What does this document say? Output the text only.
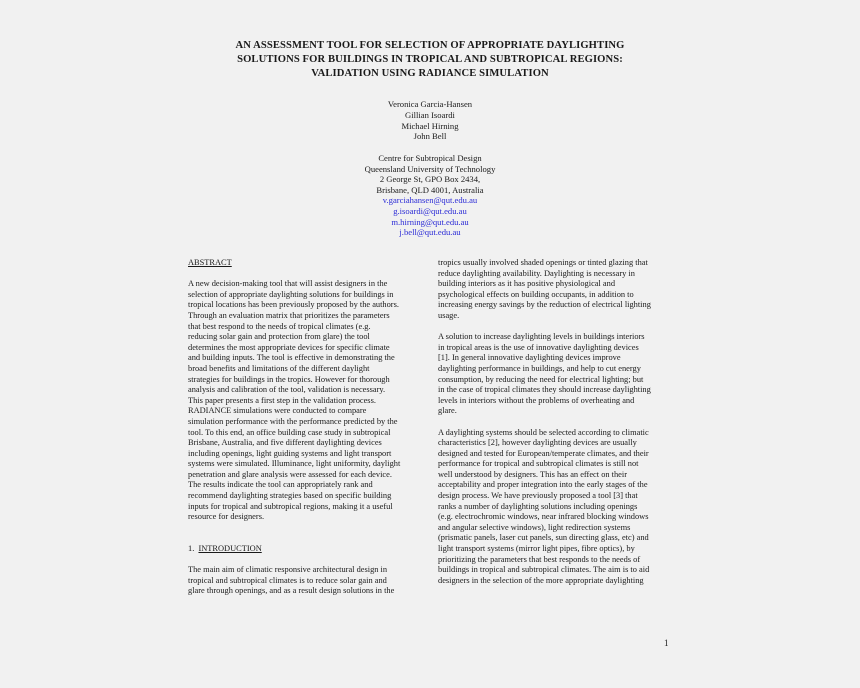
AN ASSESSMENT TOOL FOR SELECTION OF APPROPRIATE DAYLIGHTING
SOLUTIONS FOR BUILDINGS IN TROPICAL AND SUBTROPICAL REGIONS:
VALIDATION USING RADIANCE SIMULATION
Veronica Garcia-Hansen
Gillian Isoardi
Michael Hirning
John Bell
Centre for Subtropical Design
Queensland University of Technology
2 George St, GPO Box 2434,
Brisbane, QLD 4001, Australia
v.garciahansen@qut.edu.au
g.isoardi@qut.edu.au
m.hirning@qut.edu.au
j.bell@qut.edu.au
ABSTRACT
A new decision-making tool that will assist designers in the
selection of appropriate daylighting solutions for buildings in
tropical locations has been previously proposed by the authors.
Through an evaluation matrix that prioritizes the parameters
that best respond to the needs of tropical climates (e.g.
reducing solar gain and protection from glare) the tool
determines the most appropriate devices for specific climate
and building inputs. The tool is effective in demonstrating the
broad benefits and limitations of the different daylight
strategies for buildings in the tropics. However for thorough
analysis and calibration of the tool, validation is necessary.
This paper presents a first step in the validation process.
RADIANCE simulations were conducted to compare
simulation performance with the performance predicted by the
tool. To this end, an office building case study in subtropical
Brisbane, Australia, and five different daylighting devices
including openings, light guiding systems and light transport
systems were simulated. Illuminance, light uniformity, daylight
penetration and glare analysis were assessed for each device.
The results indicate the tool can appropriately rank and
recommend daylighting strategies based on specific building
inputs for tropical and subtropical regions, making it a useful
resource for designers.
1. INTRODUCTION
The main aim of climatic responsive architectural design in
tropical and subtropical climates is to reduce solar gain and
glare through openings, and as a result design solutions in the
tropics usually involved shaded openings or tinted glazing that
reduce daylighting availability. Daylighting is necessary in
building interiors as it has positive physiological and
psychological effects on building occupants, in addition to
increasing energy savings by the reduction of electrical lighting
usage.
A solution to increase daylighting levels in buildings interiors
in tropical areas is the use of innovative daylighting devices
[1]. In general innovative daylighting devices improve
daylighting performance in buildings, and help to cut energy
consumption, by reducing the need for electrical lighting; but
in the case of tropical climates they should increase daylighting
levels in interiors without the problems of overheating and
glare.
A daylighting systems should be selected according to climatic
characteristics [2], however daylighting devices are usually
designed and tested for European/temperate climates, and their
performance for tropical and subtropical climates is still not
well understood by designers. This has an effect on their
acceptability and proper integration into the early stages of the
design process. We have previously proposed a tool [3] that
ranks a number of daylighting solutions including openings
(e.g. electrochromic windows, near infrared blocking windows
and angular selective windows), light redirection systems
(prismatic panels, laser cut panels, sun directing glass, etc) and
light transport systems (mirror light pipes, fibre optics), by
prioritizing the parameters that best responds to the needs of
buildings in tropical and subtropical climates. The aim is to aid
designers in the selection of the more appropriate daylighting
1
